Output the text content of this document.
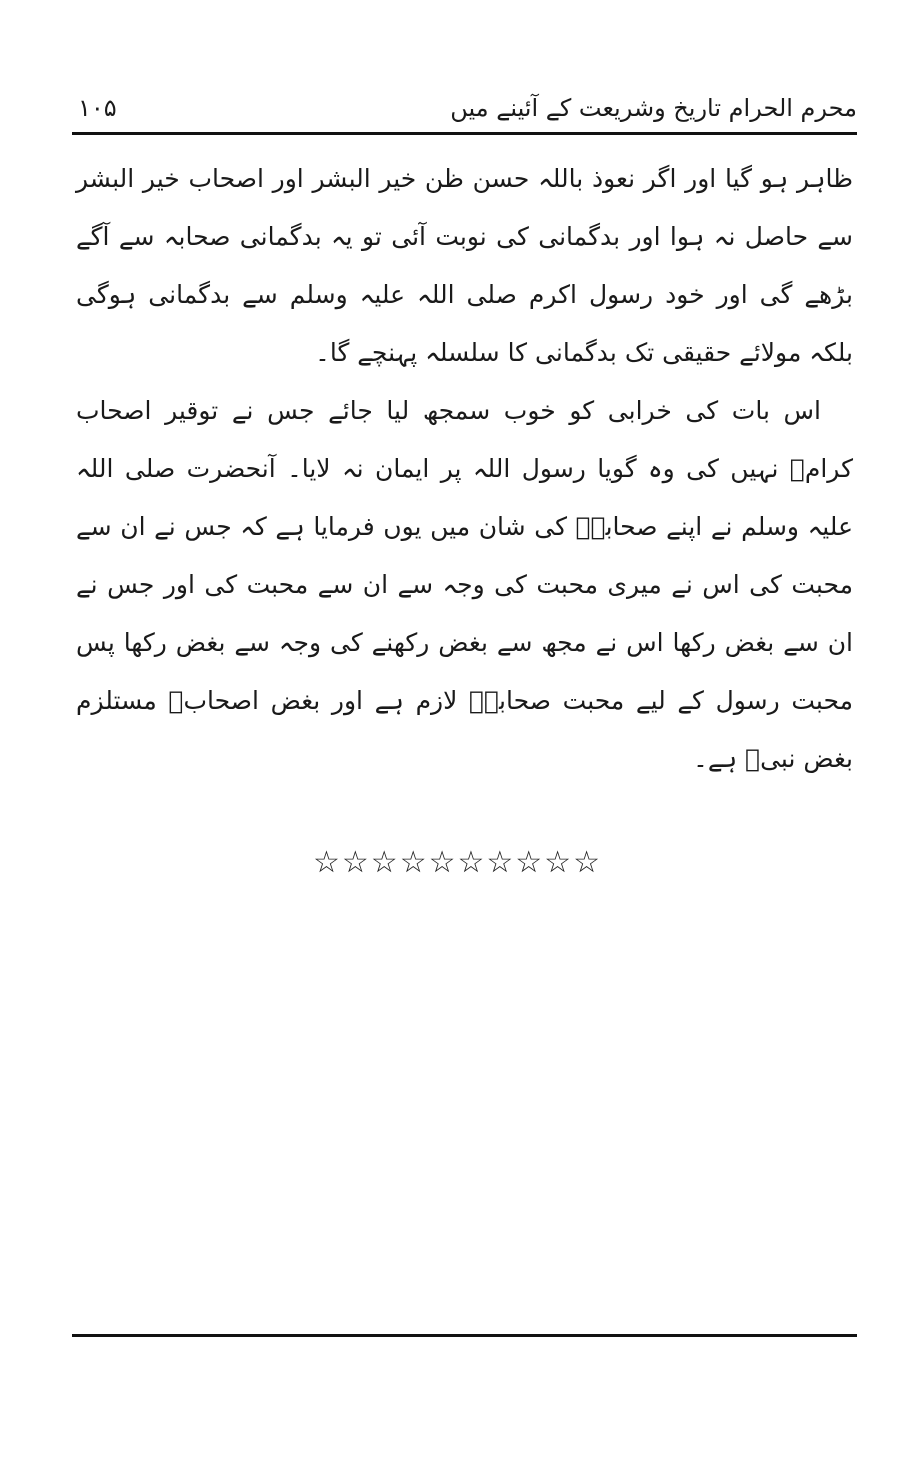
محرم الحرام تاریخ وشریعت کے آئینے میں
۱۰۵

ظاہر ہو گیا اور اگر نعوذ باللہ حسن ظن خیر البشر اور اصحاب خیر البشر سے حاصل نہ ہوا اور بدگمانی کی نوبت آئی تو یہ بدگمانی صحابہ سے آگے بڑھے گی اور خود رسول اکرم صلی اللہ علیہ وسلم سے بدگمانی ہوگی بلکہ مولائے حقیقی تک بدگمانی کا سلسلہ پہنچے گا۔

اس بات کی خرابی کو خوب سمجھ لیا جائے جس نے توقیر اصحاب کرامؓ نہیں کی وہ گویا رسول اللہ پر ایمان نہ لایا۔ آنحضرت صلی اللہ علیہ وسلم نے اپنے صحابہؓ کی شان میں یوں فرمایا ہے کہ جس نے ان سے محبت کی اس نے میری محبت کی وجہ سے ان سے محبت کی اور جس نے ان سے بغض رکھا اس نے مجھ سے بغض رکھنے کی وجہ سے بغض رکھا پس محبت رسول کے لیے محبت صحابہؓ لازم ہے اور بغض اصحابؓ مستلزم بغض نبیؐ ہے۔

☆☆☆☆☆☆☆☆☆☆
